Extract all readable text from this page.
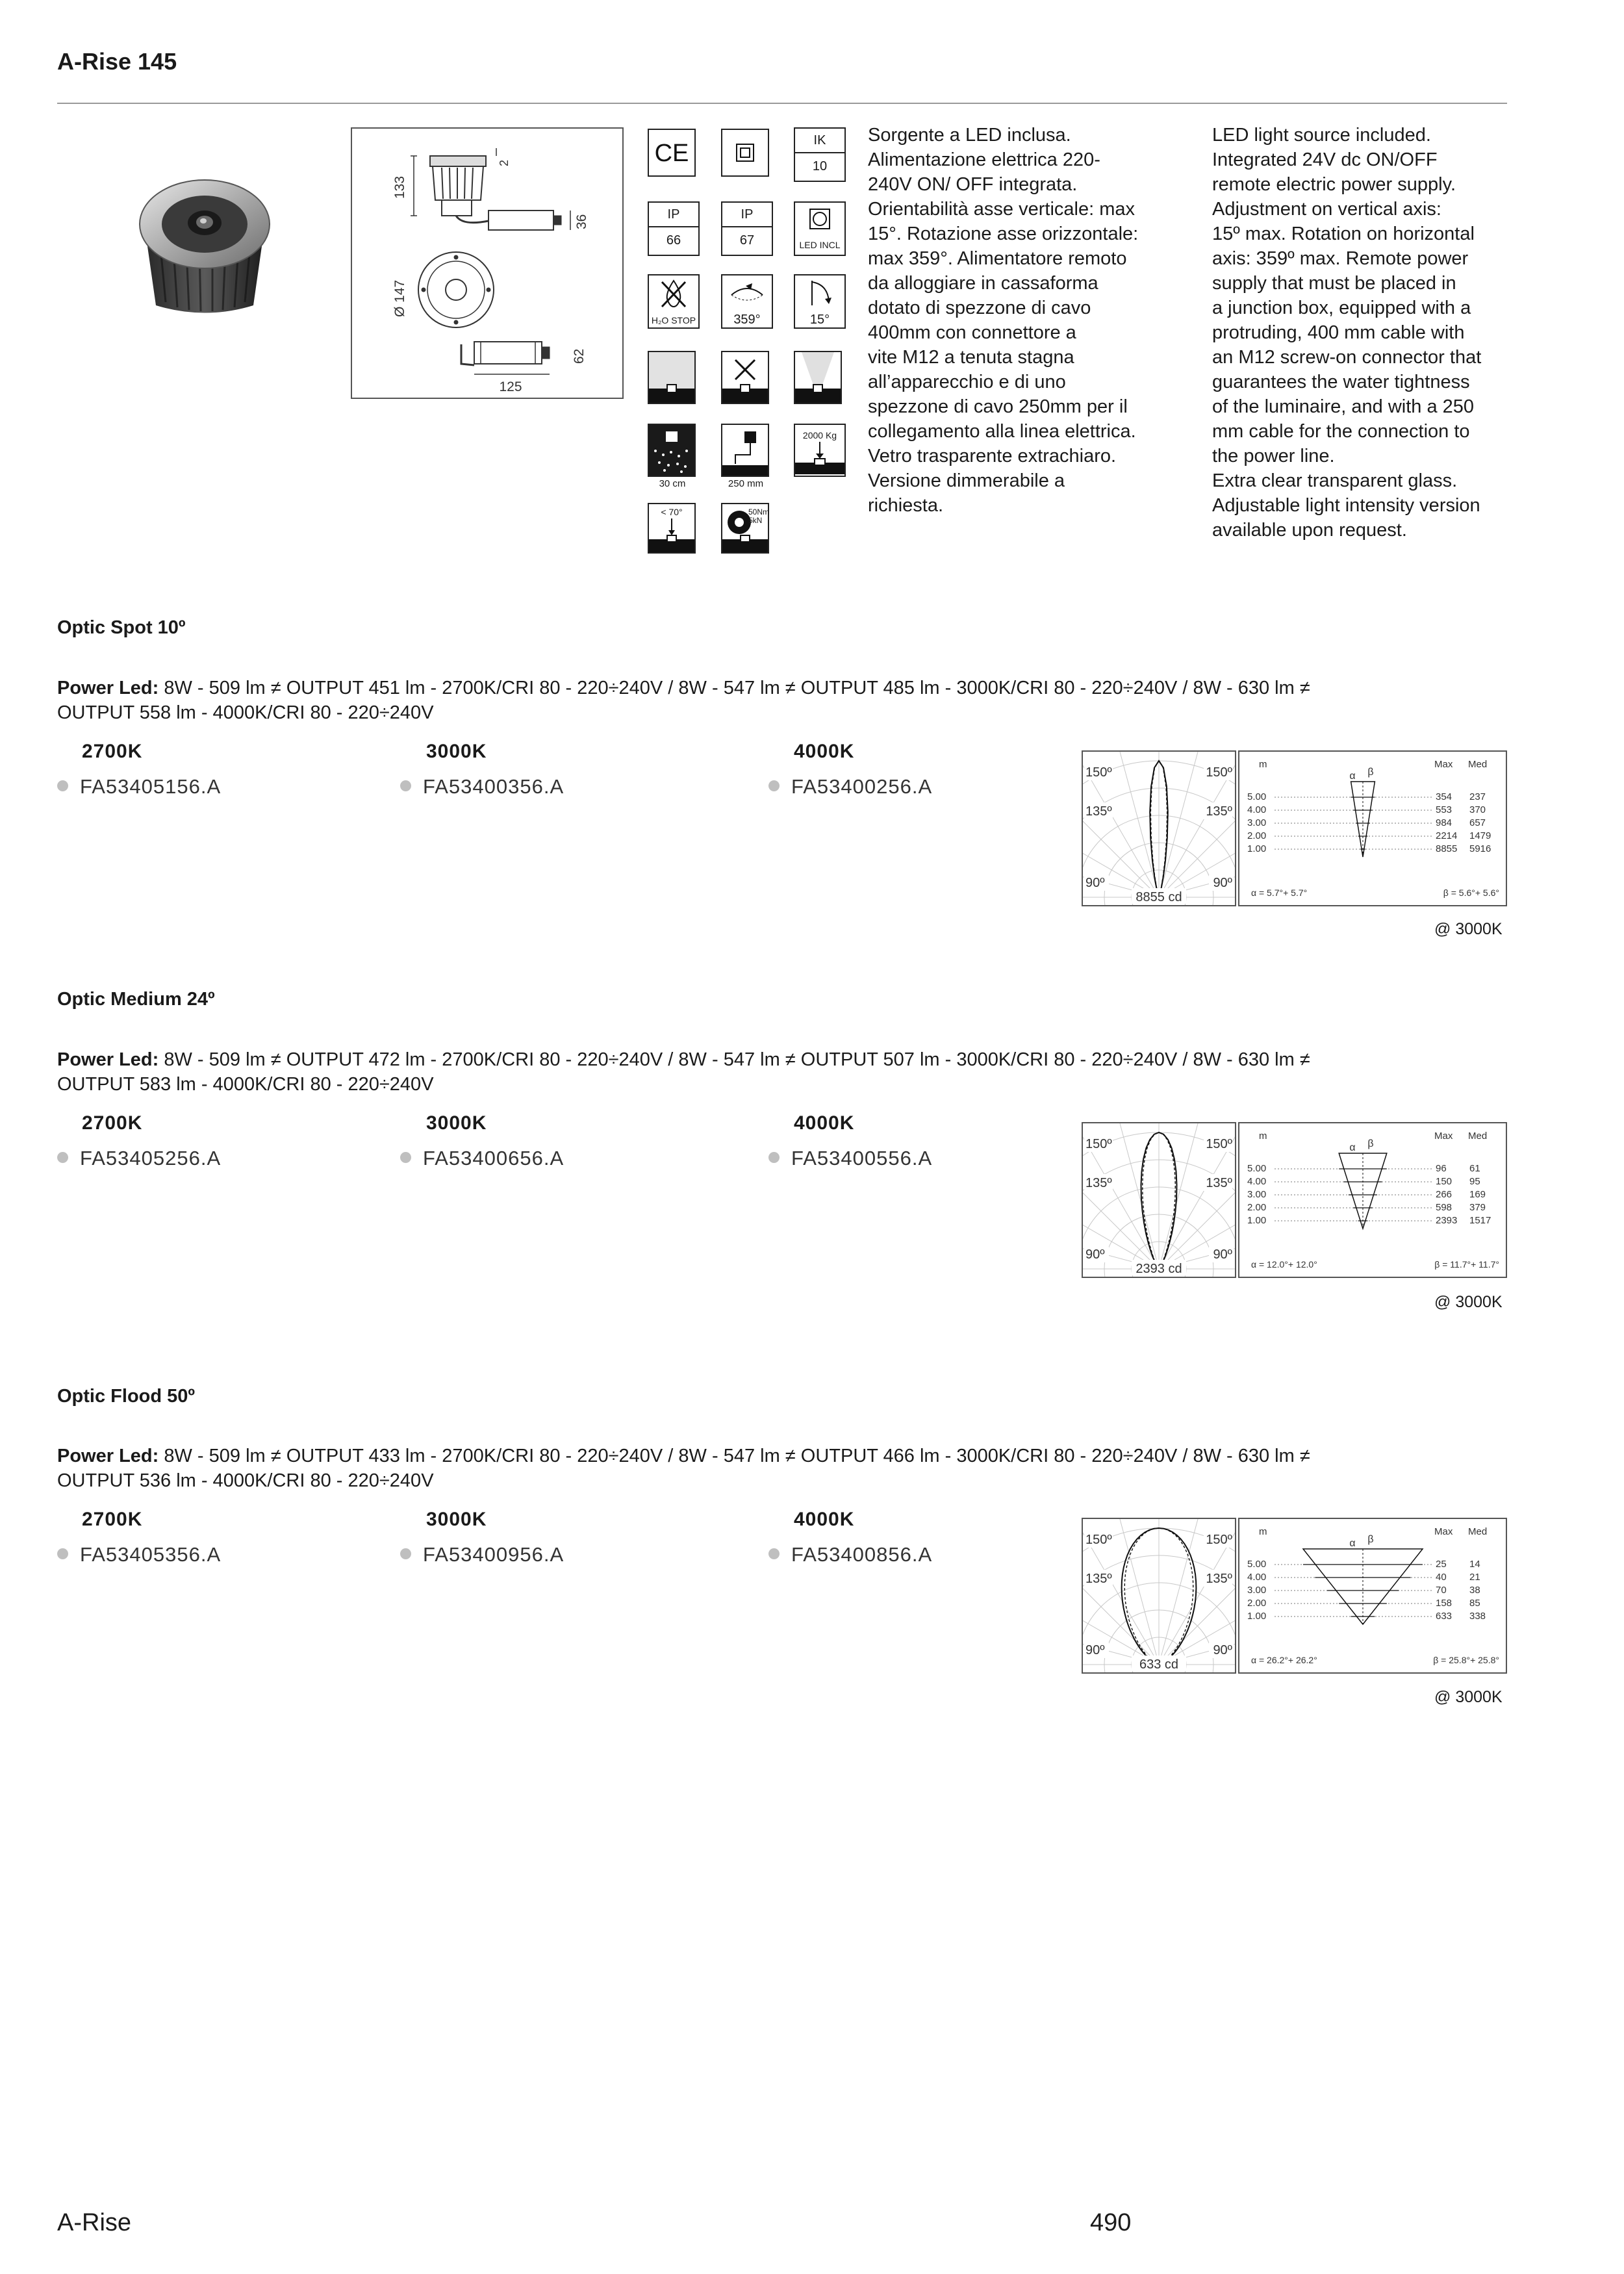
A-Rise 145
133
2
36
Ø 147
62
125
CE	IK
10
IP
66
IP
67	LED INCL
H₂O STOP	359°	15°
2000 Kg
30 cm	250 mm
< 70°	50Nm 5kN
Sorgente a LED inclusa.
Alimentazione elettrica 220-
240V ON/ OFF integrata.
Orientabilità asse verticale: max
15°. Rotazione asse orizzontale:
max 359°. Alimentatore remoto
da alloggiare in cassaforma
dotato di spezzone di cavo
400mm con connettore a
vite M12 a tenuta stagna
all’apparecchio e di uno
spezzone di cavo 250mm per il
collegamento alla linea elettrica.
Vetro trasparente extrachiaro.
Versione dimmerabile a
richiesta.
LED light source included.
Integrated 24V dc ON/OFF
remote electric power supply.
Adjustment on vertical axis:
15º max. Rotation on horizontal
axis: 359º max. Remote power
supply that must be placed in
a junction box, equipped with a
protruding, 400 mm cable with
an M12 screw-on connector that
guarantees the water tightness
of the luminaire, and with a 250
mm cable for the connection to
the power line.
Extra clear transparent glass.
Adjustable light intensity version
available upon request.
Optic Spot 10º
Power Led: 8W - 509 lm ≠ OUTPUT 451 lm - 2700K/CRI 80 - 220÷240V / 8W - 547 lm ≠ OUTPUT 485 lm - 3000K/CRI 80 - 220÷240V / 8W - 630 lm ≠
OUTPUT 558 lm - 4000K/CRI 80 - 220÷240V
2700K	3000K	4000K
FA53405156.A	FA53400356.A	FA53400256.A
150º	150º
135º	135º
90º	90º
8855 cd
m	Max Med
α β
5.00	354 237
4.00	553 370
3.00	984 657
2.00	2214 1479
1.00	8855 5916
α = 5.7°+ 5.7°	β = 5.6°+ 5.6°
@ 3000K
Optic Medium 24º
Power Led: 8W - 509 lm ≠ OUTPUT 472 lm - 2700K/CRI 80 - 220÷240V / 8W - 547 lm ≠ OUTPUT 507 lm - 3000K/CRI 80 - 220÷240V / 8W - 630 lm ≠
OUTPUT 583 lm - 4000K/CRI 80 - 220÷240V
2700K	3000K	4000K
FA53405256.A	FA53400656.A	FA53400556.A
150º	150º
135º	135º
90º	90º
2393 cd
m	Max Med
α β
5.00	96 61
4.00	150 95
3.00	266 169
2.00	598 379
1.00	2393 1517
α = 12.0°+ 12.0°	β = 11.7°+ 11.7°
@ 3000K
Optic Flood 50º
Power Led: 8W - 509 lm ≠ OUTPUT 433 lm - 2700K/CRI 80 - 220÷240V / 8W - 547 lm ≠ OUTPUT 466 lm - 3000K/CRI 80 - 220÷240V / 8W - 630 lm ≠
OUTPUT 536 lm - 4000K/CRI 80 - 220÷240V
2700K	3000K	4000K
FA53405356.A	FA53400956.A	FA53400856.A
150º	150º
135º	135º
90º	90º
633 cd
m	Max Med
α β
5.00	25 14
4.00	40 21
3.00	70 38
2.00	158 85
1.00	633 338
α = 26.2°+ 26.2°	β = 25.8°+ 25.8°
@ 3000K
A-Rise	490
